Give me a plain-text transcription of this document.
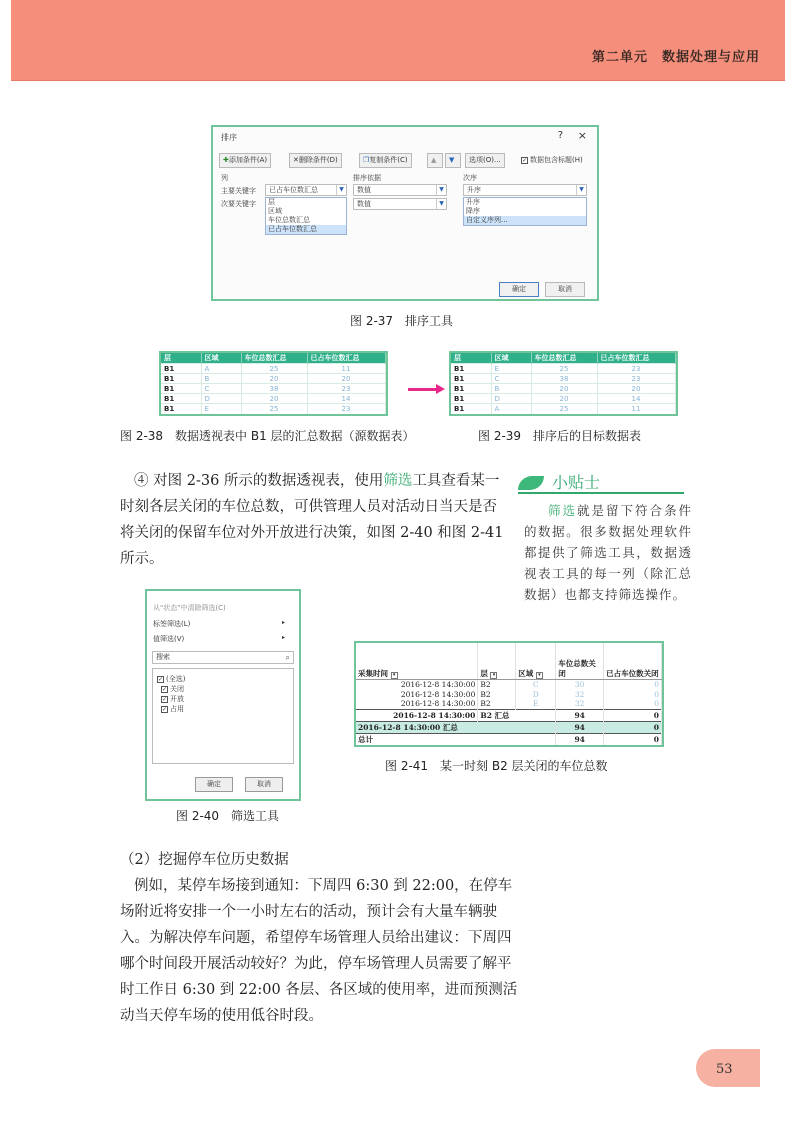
第二单元　数据处理与应用
排序	? ×
✚添加条件(A)	✕删除条件(D)	❐复制条件(C)	▲	▼	选项(O)...	✓ 数据包含标题(H)
列	排序依据	次序
主要关键字	已占车位数汇总	▼	数值	▼	升序	▼
次要关键字	数值	▼
层
区域
车位总数汇总
已占车位数汇总
升序
降序
自定义序列...
确定	取消
图 2-37　排序工具
层	区域	车位总数汇总	已占车位数汇总
B1	A	25	11
B1	B	20	20
B1	C	38	23
B1	D	20	14
B1	E	25	23
层	区域	车位总数汇总	已占车位数汇总
B1	E	25	23
B1	C	38	23
B1	B	20	20
B1	D	20	14
B1	A	25	11
图 2-38　数据透视表中 B1 层的汇总数据（源数据表）	图 2-39　排序后的目标数据表
④ 对图 2-36 所示的数据透视表，使用筛选工具查看某一时刻各层关闭的车位总数，可供管理人员对活动日当天是否将关闭的保留车位对外开放进行决策，如图 2-40 和图 2-41 所示。
小贴士
筛选就是留下符合条件的数据。很多数据处理软件都提供了筛选工具，数据透视表工具的每一列（除汇总数据）也都支持筛选操作。
从"状态"中清除筛选(C)
标签筛选(L)	▸
值筛选(V)	▸
搜索	⌕
✓ (全选)
✓ 关闭
✓ 开放
✓ 占用
确定	取消
图 2-40　筛选工具
采集时间 ▾	层 ▾	区域 ▾	车位总数关闭	已占车位数关闭
2016-12-8 14:30:00	B2	C	30	0
2016-12-8 14:30:00	B2	D	32	0
2016-12-8 14:30:00	B2	E	32	0
2016-12-8 14:30:00	B2 汇总		94	0
2016-12-8 14:30:00 汇总			94	0
总计			94	0
图 2-41　某一时刻 B2 层关闭的车位总数
（2）挖掘停车位历史数据
例如，某停车场接到通知：下周四 6:30 到 22:00，在停车场附近将安排一个一小时左右的活动，预计会有大量车辆驶入。为解决停车问题，希望停车场管理人员给出建议：下周四哪个时间段开展活动较好？为此，停车场管理人员需要了解平时工作日 6:30 到 22:00 各层、各区域的使用率，进而预测活动当天停车场的使用低谷时段。
53
